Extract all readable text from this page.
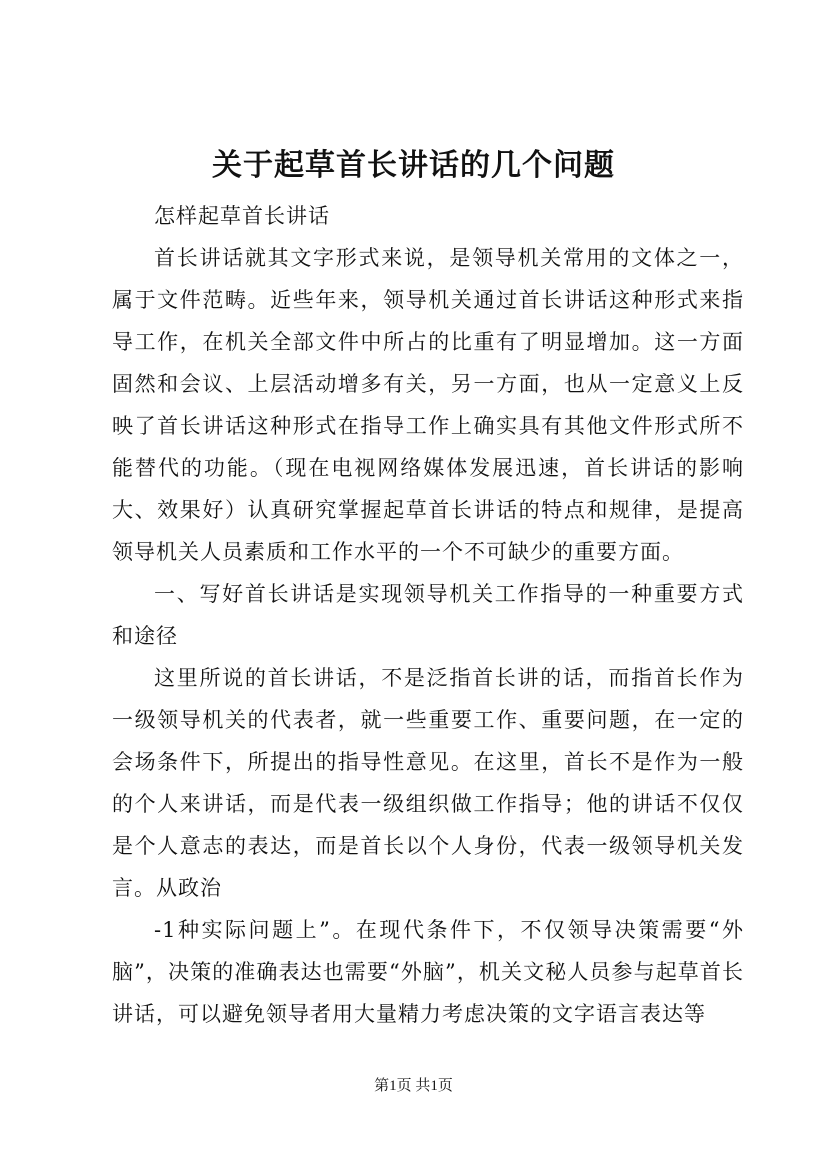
关于起草首长讲话的几个问题

怎样起草首长讲话

首长讲话就其文字形式来说，是领导机关常用的文体之一，属于文件范畴。近些年来，领导机关通过首长讲话这种形式来指导工作，在机关全部文件中所占的比重有了明显增加。这一方面固然和会议、上层活动增多有关，另一方面，也从一定意义上反映了首长讲话这种形式在指导工作上确实具有其他文件形式所不能替代的功能。（现在电视网络媒体发展迅速，首长讲话的影响大、效果好）认真研究掌握起草首长讲话的特点和规律，是提高领导机关人员素质和工作水平的一个不可缺少的重要方面。

一、写好首长讲话是实现领导机关工作指导的一种重要方式和途径

这里所说的首长讲话，不是泛指首长讲的话，而指首长作为一级领导机关的代表者，就一些重要工作、重要问题，在一定的会场条件下，所提出的指导性意见。在这里，首长不是作为一般的个人来讲话，而是代表一级组织做工作指导；他的讲话不仅仅是个人意志的表达，而是首长以个人身份，代表一级领导机关发言。从政治

-1种实际问题上”。在现代条件下，不仅领导决策需要“外脑”，决策的准确表达也需要“外脑”，机关文秘人员参与起草首长讲话，可以避免领导者用大量精力考虑决策的文字语言表达等

第1页 共1页
